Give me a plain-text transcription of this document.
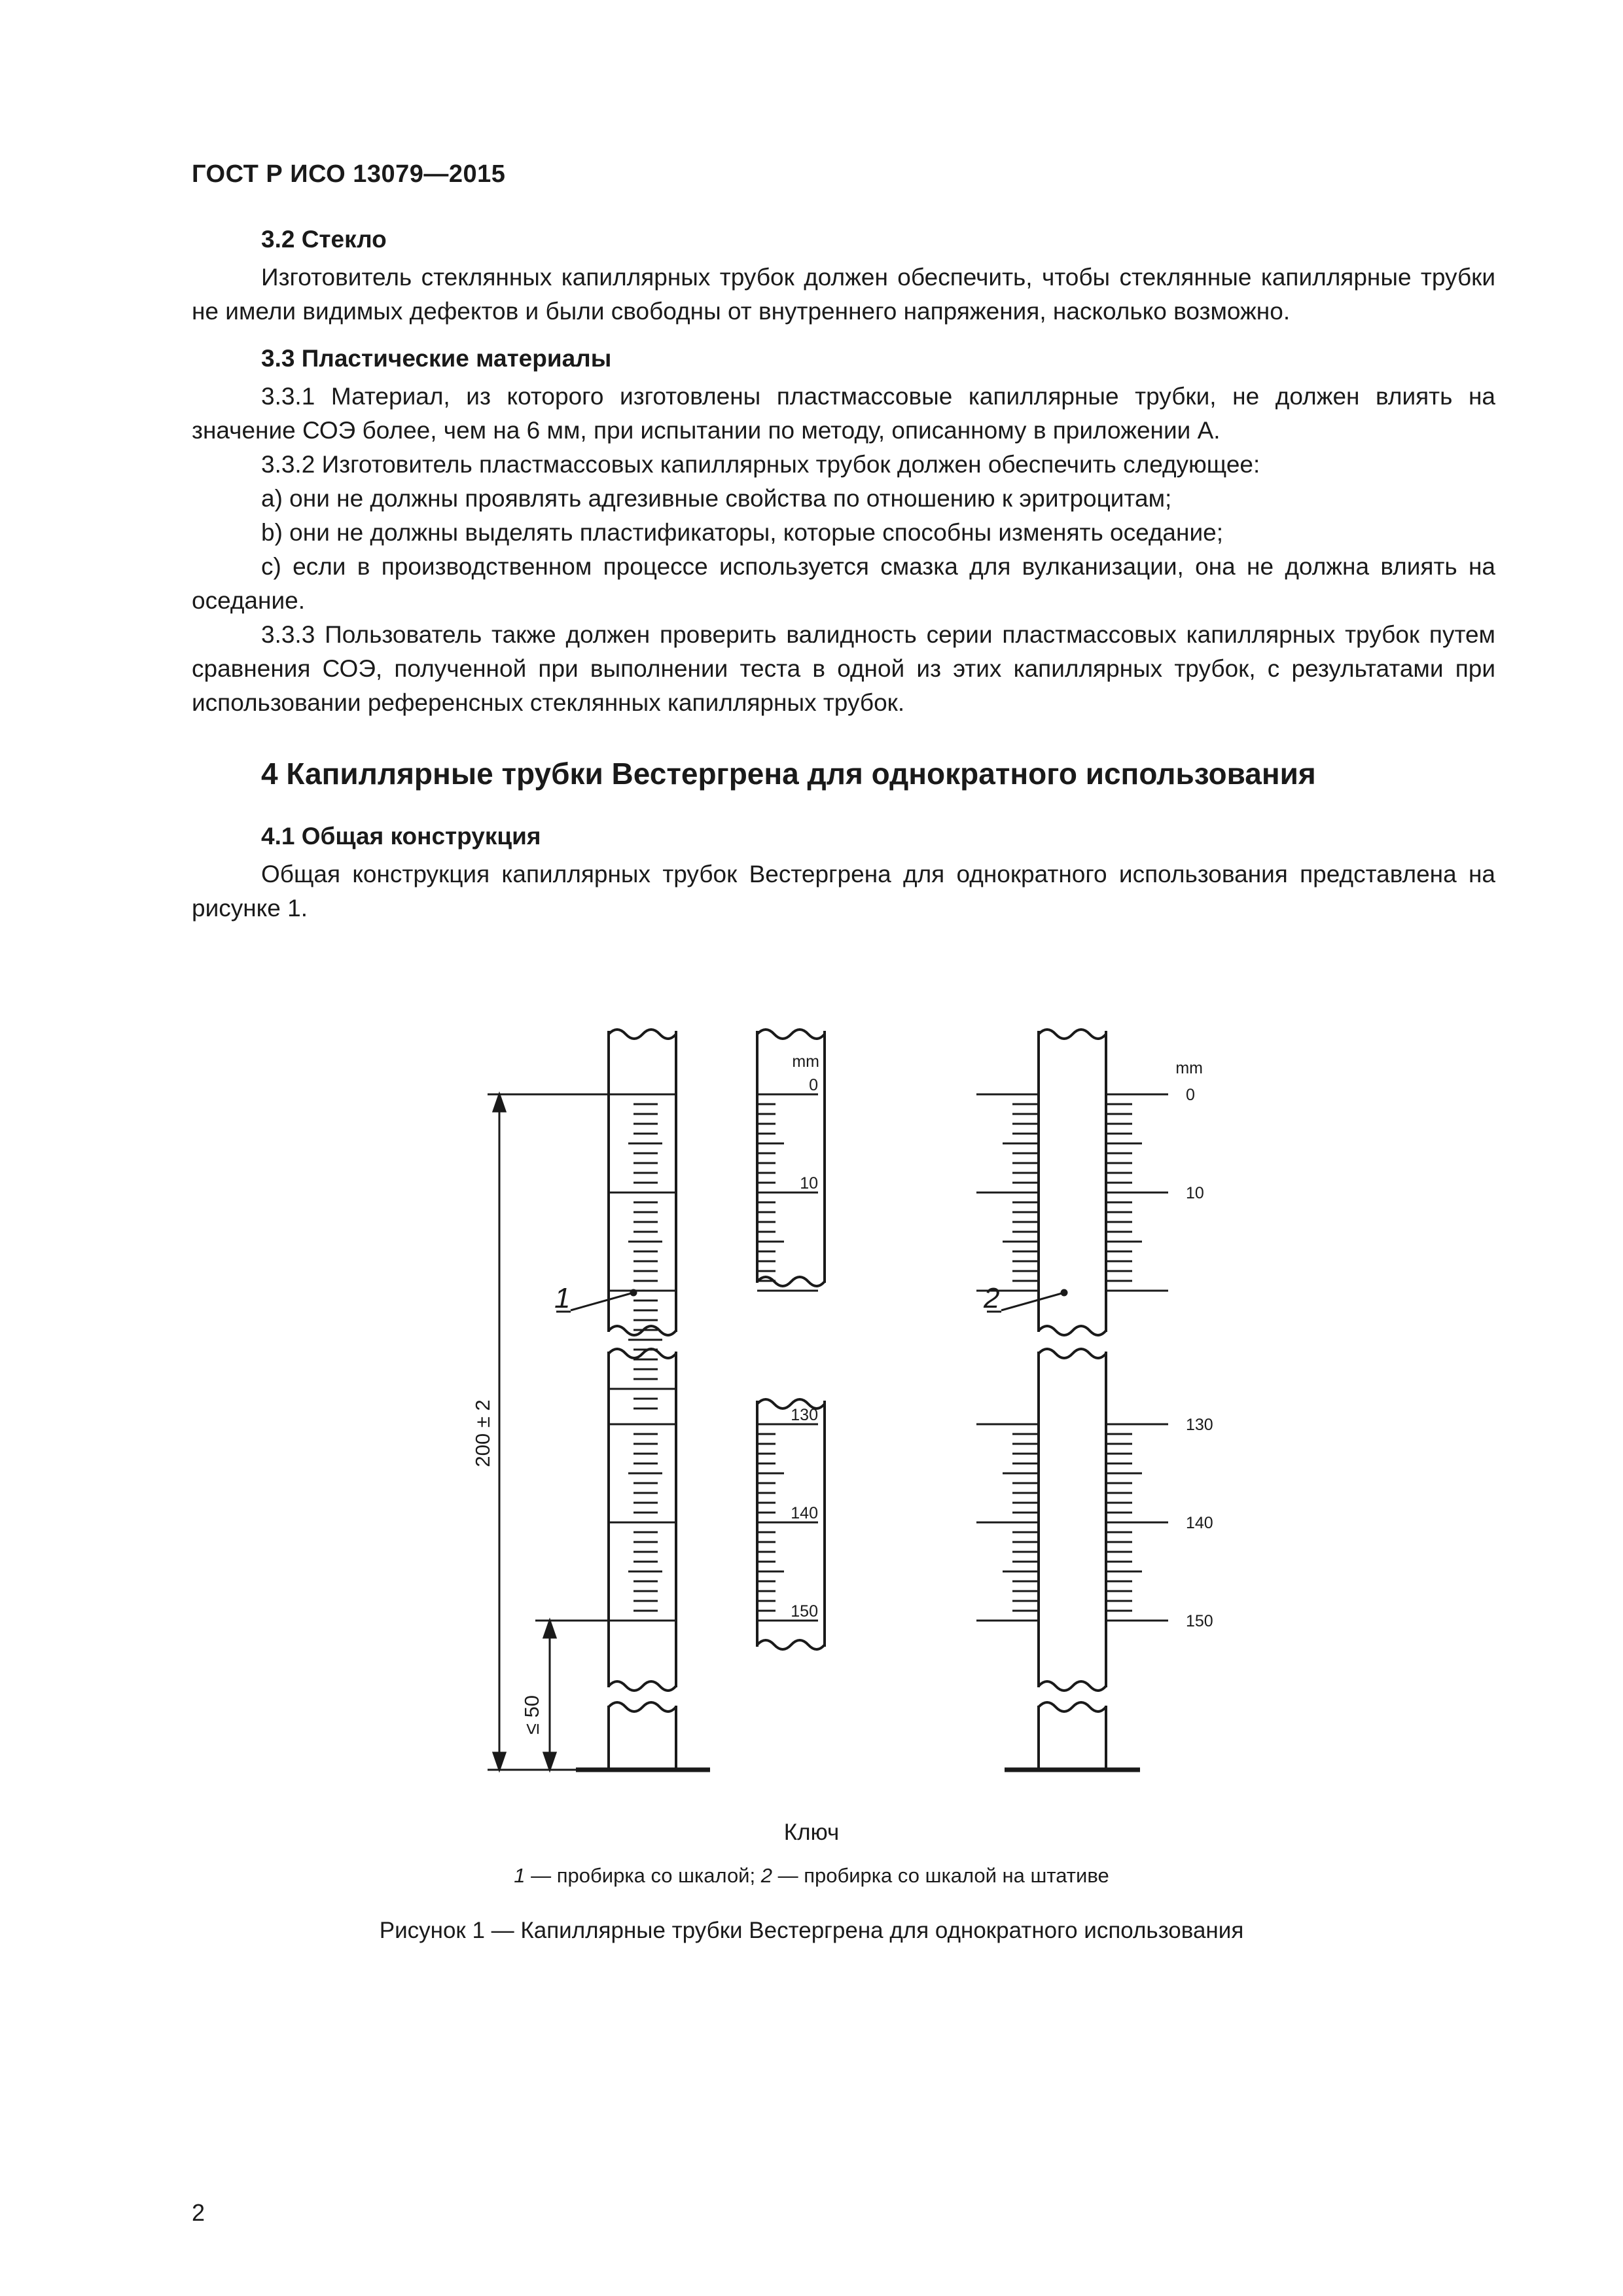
ГОСТ Р ИСО 13079—2015
3.2 Стекло
Изготовитель стеклянных капиллярных трубок должен обеспечить, чтобы стеклянные капиллярные трубки не имели видимых дефектов и были свободны от внутреннего напряжения, насколько возможно.
3.3 Пластические материалы
3.3.1 Материал, из которого изготовлены пластмассовые капиллярные трубки, не должен влиять на значение СОЭ более, чем на 6 мм, при испытании по методу, описанному в приложении А.
3.3.2 Изготовитель пластмассовых капиллярных трубок должен обеспечить следующее:
а) они не должны проявлять адгезивные свойства по отношению к эритроцитам;
b) они не должны выделять пластификаторы, которые способны изменять оседание;
с) если в производственном процессе используется смазка для вулканизации, она не должна влиять на оседание.
3.3.3 Пользователь также должен проверить валидность серии пластмассовых капиллярных трубок путем сравнения СОЭ, полученной при выполнении теста в одной из этих капиллярных трубок, с результатами при использовании референсных стеклянных капиллярных трубок.
4 Капиллярные трубки Вестергрена для однократного использования
4.1 Общая конструкция
Общая конструкция капиллярных трубок Вестергрена для однократного использования представлена на рисунке 1.
200 ± 2
≤ 50
1	2
mm	mm
0
10
130
140
150
0
10
130
140
150
Ключ
1 — пробирка со шкалой; 2 — пробирка со шкалой на штативе
Рисунок 1 — Капиллярные трубки Вестергрена для однократного использования
2
